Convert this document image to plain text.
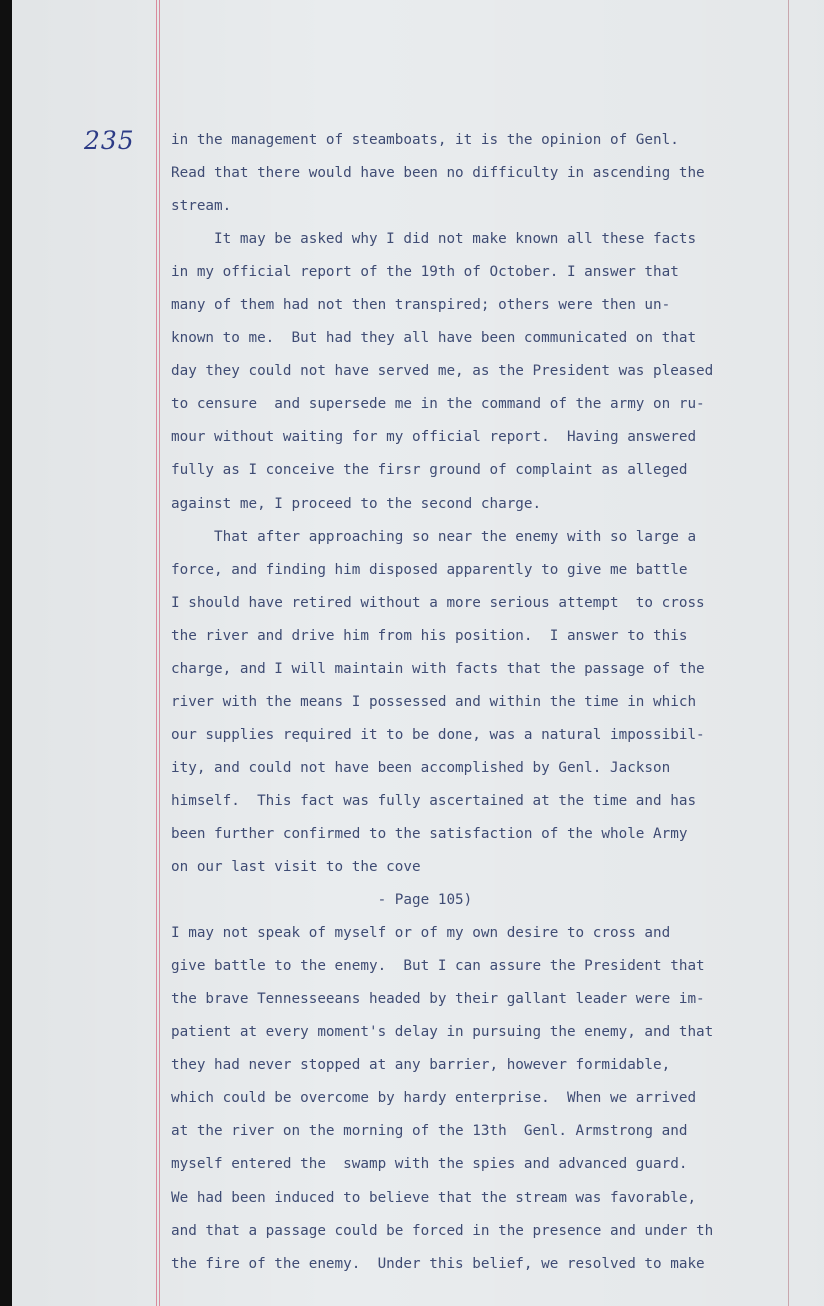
235	in the management of steamboats, it is the opinion of Genl.
Read that there would have been no difficulty in ascending the
stream.
It may be asked why I did not make known all these facts
in my official report of the 19th of October. I answer that
many of them had not then transpired; others were then un-
known to me.  But had they all have been communicated on that
day they could not have served me, as the President was pleased
to censure  and supersede me in the command of the army on ru-
mour without waiting for my official report.  Having answered
fully as I conceive the firsr ground of complaint as alleged
against me, I proceed to the second charge.
That after approaching so near the enemy with so large a
force, and finding him disposed apparently to give me battle
I should have retired without a more serious attempt  to cross
the river and drive him from his position.  I answer to this
charge, and I will maintain with facts that the passage of the
river with the means I possessed and within the time in which
our supplies required it to be done, was a natural impossibil-
ity, and could not have been accomplished by Genl. Jackson
himself.  This fact was fully ascertained at the time and has
been further confirmed to the satisfaction of the whole Army
on our last visit to the cove
- Page 105)
I may not speak of myself or of my own desire to cross and
give battle to the enemy.  But I can assure the President that
the brave Tennesseeans headed by their gallant leader were im-
patient at every moment's delay in pursuing the enemy, and that
they had never stopped at any barrier, however formidable,
which could be overcome by hardy enterprise.  When we arrived
at the river on the morning of the 13th  Genl. Armstrong and
myself entered the  swamp with the spies and advanced guard.
We had been induced to believe that the stream was favorable,
and that a passage could be forced in the presence and under th
the fire of the enemy.  Under this belief, we resolved to make
